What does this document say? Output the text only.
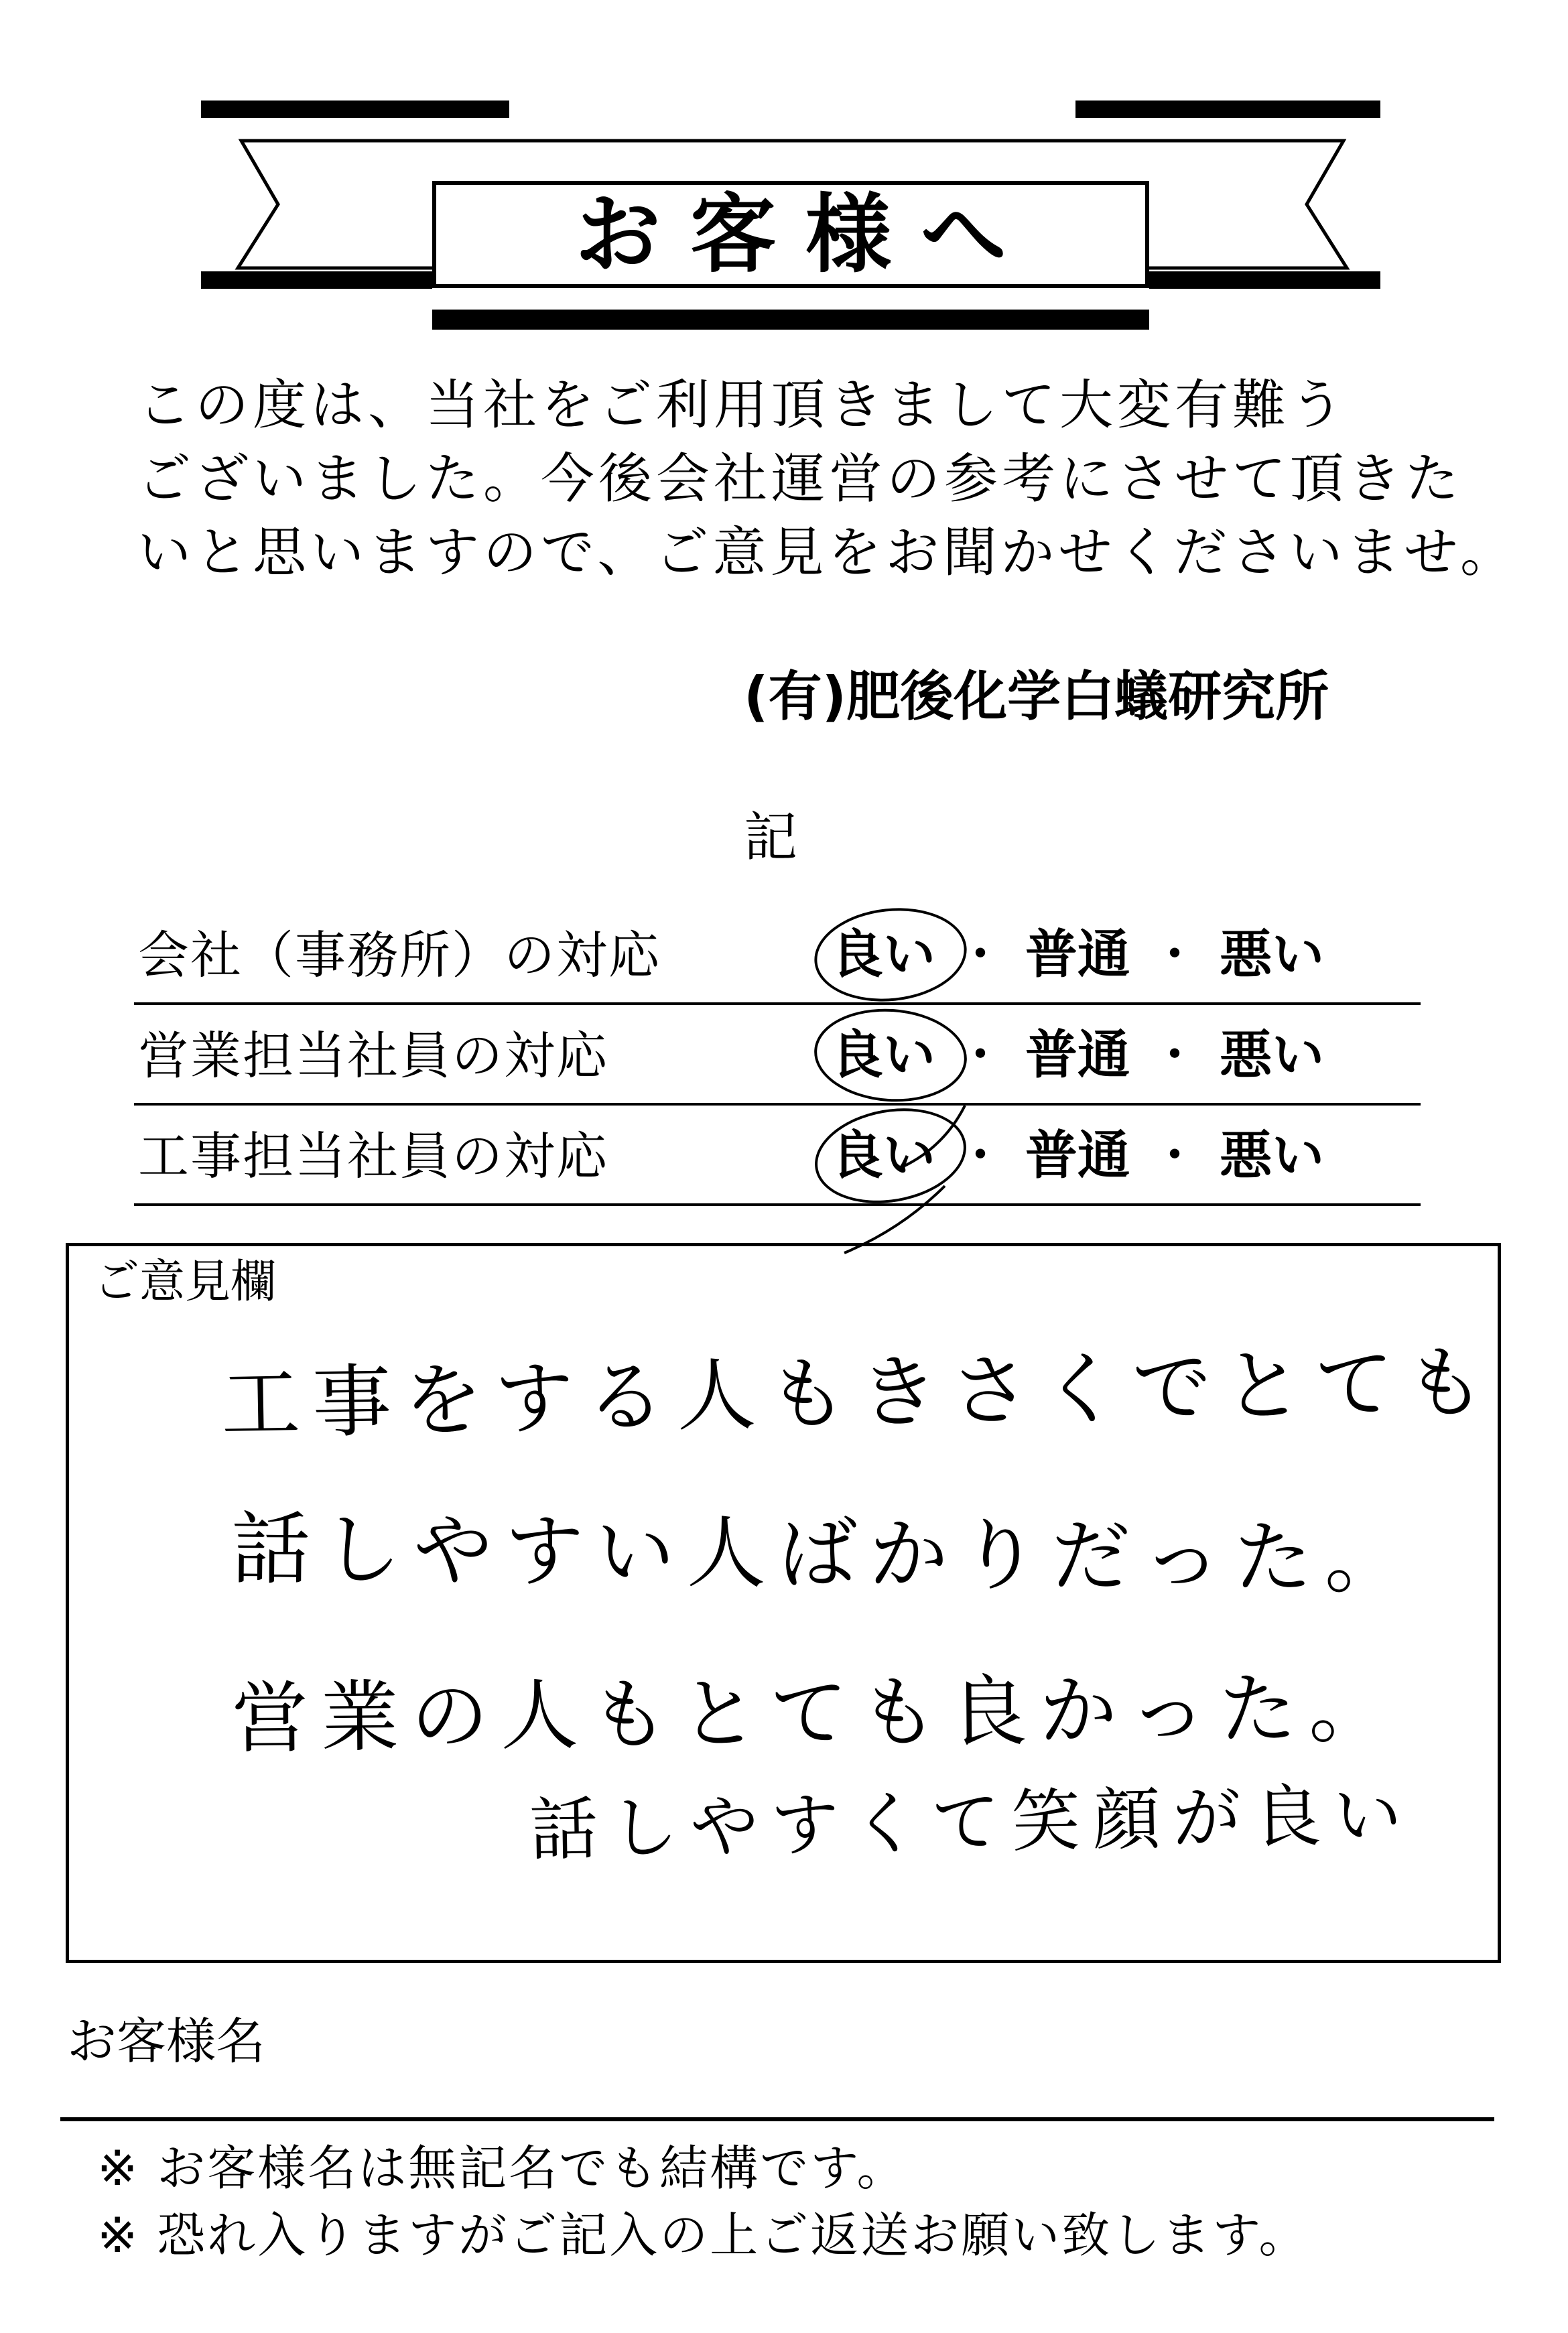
お客様へ
この度は、当社をご利用頂きまして大変有難う
ございました。今後会社運営の参考にさせて頂きた
いと思いますので、ご意見をお聞かせくださいませ。
(有)肥後化学白蟻研究所
記
会社（事務所）の対応	良い ・ 普通 ・ 悪い
営業担当社員の対応	良い ・ 普通 ・ 悪い
工事担当社員の対応	良い ・ 普通 ・ 悪い
ご意見欄
工事をする人もきさくでとても
話しやすい人ばかりだった。
営業の人もとても良かった。
話しやすくて笑顔が良い
お客様名
※ お客様名は無記名でも結構です。
※ 恐れ入りますがご記入の上ご返送お願い致します。
